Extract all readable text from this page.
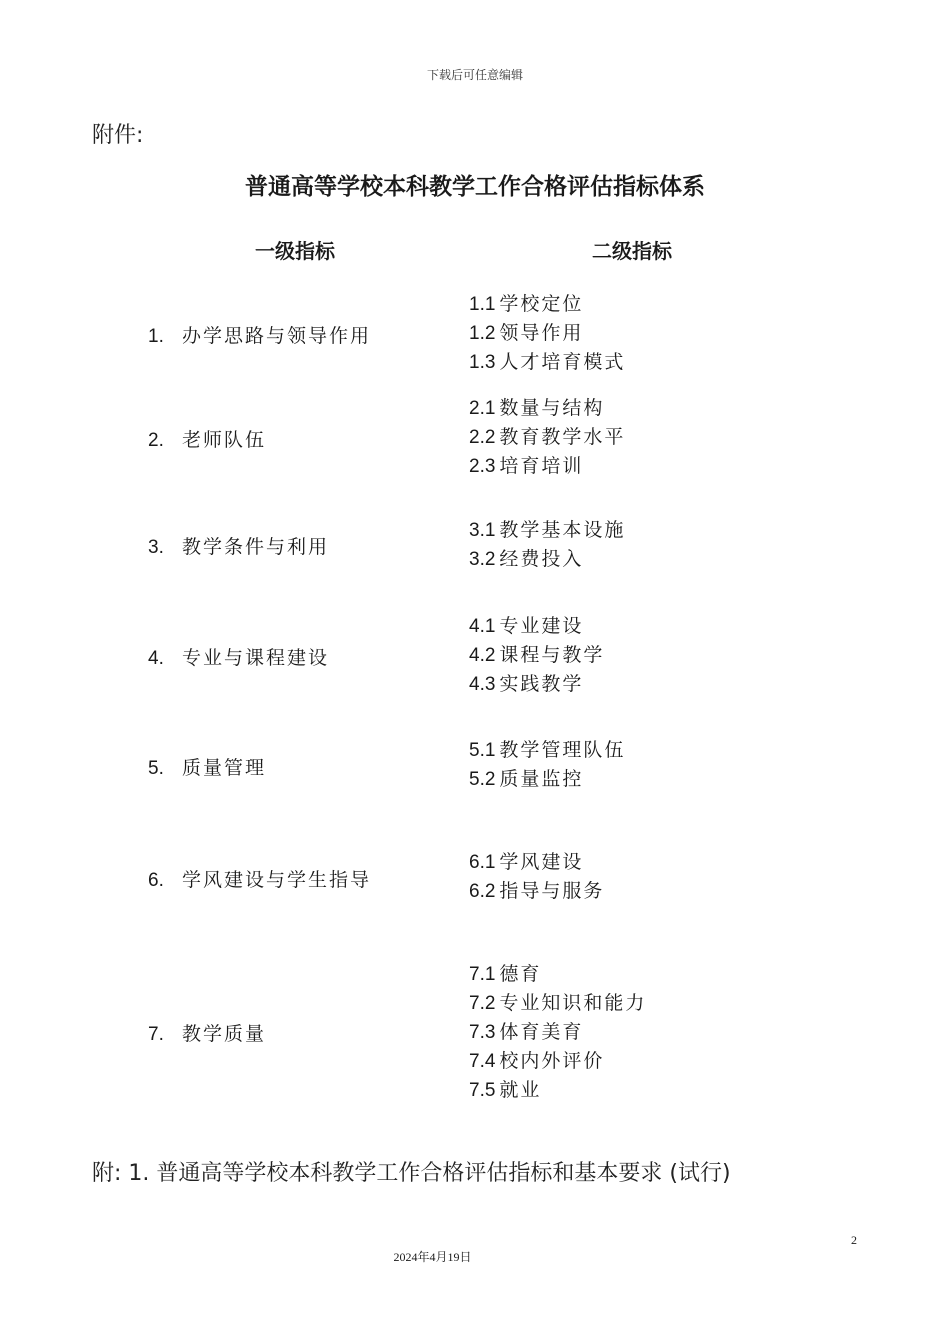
下载后可任意编辑
附件:
普通高等学校本科教学工作合格评估指标体系
一级指标	二级指标
1. 办学思路与领导作用
1.1 学校定位
1.2 领导作用
1.3 人才培育模式
2. 老师队伍
2.1 数量与结构
2.2 教育教学水平
2.3 培育培训
3. 教学条件与利用
3.1 教学基本设施
3.2 经费投入
4. 专业与课程建设
4.1 专业建设
4.2 课程与教学
4.3 实践教学
5. 质量管理
5.1 教学管理队伍
5.2 质量监控
6. 学风建设与学生指导
6.1 学风建设
6.2 指导与服务
7. 教学质量
7.1 德育
7.2 专业知识和能力
7.3 体育美育
7.4 校内外评价
7.5 就业
附: 1. 普通高等学校本科教学工作合格评估指标和基本要求 (试行)
2
2024年4月19日
